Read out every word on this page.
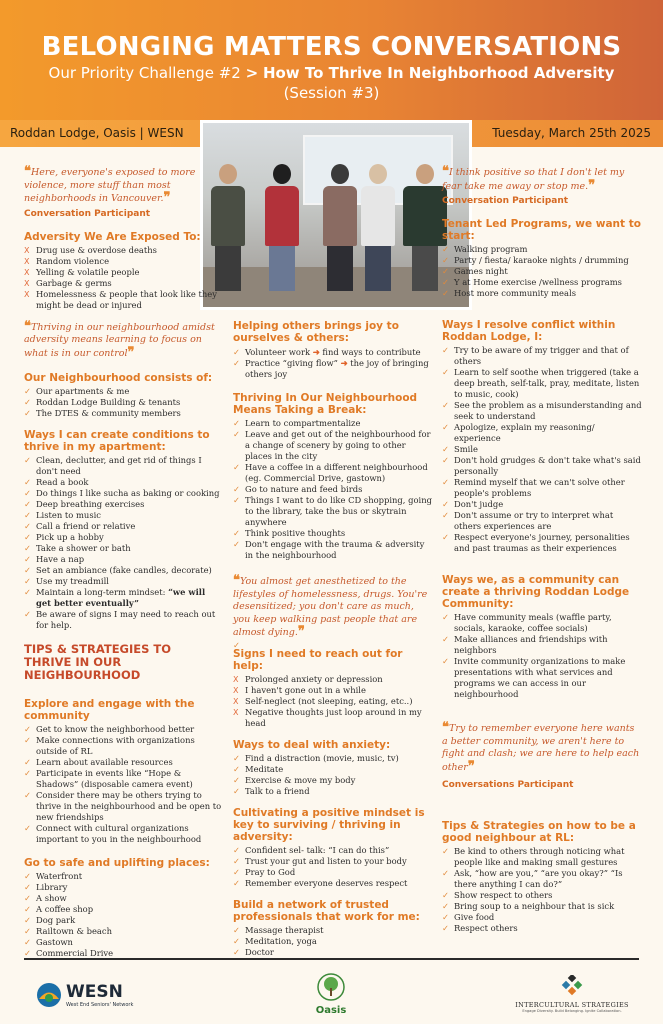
BELONGING MATTERS CONVERSATIONS
Our Priority Challenge #2 > How To Thrive In Neighborhood Adversity
(Session #3)
Roddan Lodge, Oasis | WESN	Tuesday, March 25th 2025
❝Here, everyone's exposed to more violence, more stuff than most neighborhoods in Vancouver.❞
Conversation Participant
Adversity We Are Exposed To:
X Drug use & overdose deaths
X Random violence
X Yelling & volatile people
X Garbage & germs
X Homelessness & people that look like they might be dead or injured
❝Thriving in our neighbourhood amidst adversity means learning to focus on what is in our control❞
Our Neighbourhood consists of:
✓ Our apartments & me
✓ Roddan Lodge Building & tenants
✓ The DTES & community members
Ways I can create conditions to thrive in my apartment:
✓ Clean, declutter, and get rid of things I don't need
✓ Read a book
✓ Do things I like sucha as baking or cooking
✓ Deep breathing exercises
✓ Listen to music
✓ Call a friend or relative
✓ Pick up a hobby
✓ Take a shower or bath
✓ Have a nap
✓ Set an ambiance (fake candles, decorate)
✓ Use my treadmill
✓ Maintain a long-term mindset: “we will get better eventually”
✓ Be aware of signs I may need to reach out for help.
TIPS & STRATEGIES TO THRIVE IN OUR NEIGHBOURHOOD
Explore and engage with the community
✓ Get to know the neighborhood better
✓ Make connections with organizations outside of RL
✓ Learn about available resources
✓ Participate in events like “Hope & Shadows” (disposable camera event)
✓ Consider there may be others trying to thrive in the neighbourhood and be open to new friendships
✓ Connect with cultural organizations important to you in the neighbourhood
Go to safe and uplifting places:
✓ Waterfront
✓ Library
✓ A show
✓ A coffee shop
✓ Dog park
✓ Railtown & beach
✓ Gastown
✓ Commercial Drive
Helping others brings joy to ourselves & others:
✓ Volunteer work ➜ find ways to contribute
✓ Practice “giving flow” ➜ the joy of bringing others joy
Thriving In Our Neighbourhood Means Taking a Break:
✓ Learn to compartmentalize
✓ Leave and get out of the neighbourhood for a change of scenery by going to other places in the city
✓ Have a coffee in a different neighbourhood (eg. Commercial Drive, gastown)
✓ Go to nature and feed birds
✓ Things I want to do like CD shopping, going to the library, take the bus or skytrain anywhere
✓ Think positive thoughts
✓ Don't engage with the trauma & adversity in the neighbourhood
❝You almost get anesthetized to the lifestyles of homelessness, drugs. You're desensitized; you don't care as much, you keep walking past people that are almost dying.❞
Signs I need to reach out for help:
X Prolonged anxiety or depression
X I haven't gone out in a while
X Self-neglect (not sleeping, eating, etc..)
X Negative thoughts just loop around in my head
Ways to deal with anxiety:
✓ Find a distraction (movie, music, tv)
✓ Meditate
✓ Exercise & move my body
✓ Talk to a friend
Cultivating a positive mindset is key to surviving / thriving in adversity:
✓ Confident sel- talk: “I can do this”
✓ Trust your gut and listen to your body
✓ Pray to God
✓ Remember everyone deserves respect
Build a network of trusted professionals that work for me:
✓ Massage therapist
✓ Meditation, yoga
✓ Doctor
❝I think positive so that I don't let my fear take me away or stop me.❞
Conversation Participant
Tenant Led Programs, we want to start:
✓ Walking program
✓ Party / fiesta/ karaoke nights / drumming
✓ Games night
✓ Y at Home exercise /wellness programs
✓ Host more community meals
Ways I resolve conflict within Roddan Lodge, I:
✓ Try to be aware of my trigger and that of others
✓ Learn to self soothe when triggered (take a deep breath, self-talk, pray, meditate, listen to music, cook)
✓ See the problem as a misunderstanding and seek to understand
✓ Apologize, explain my reasoning/ experience
✓ Smile
✓ Don't hold grudges & don't take what's said personally
✓ Remind myself that we can't solve other people's problems
✓ Don't judge
✓ Don't assume or try to interpret what others experiences are
✓ Respect everyone's journey, personalities and past traumas as their experiences
Ways we, as a community can create a thriving Roddan Lodge Community:
✓ Have community meals (waffle party, socials, karaoke, coffee socials)
✓ Make alliances and friendships with neighbors
✓ Invite community organizations to make presentations with what services and programs we can access in our neighbourhood
❝Try to remember everyone here wants a better community, we aren't here to fight and clash; we are here to help each other❞
Conversations Participant
Tips & Strategies on how to be a good neighbour at RL:
✓ Be kind to others through noticing what people like and making small gestures
✓ Ask, “how are you,” “are you okay?” “Is there anything I can do?”
✓ Show respect to others
✓ Bring soup to a neighbour that is sick
✓ Give food
✓ Respect others
WESN
West End Seniors' Network	Oasis	INTERCULTURAL STRATEGIES
Engage Diversity. Build Belonging. Ignite Collaboration.
